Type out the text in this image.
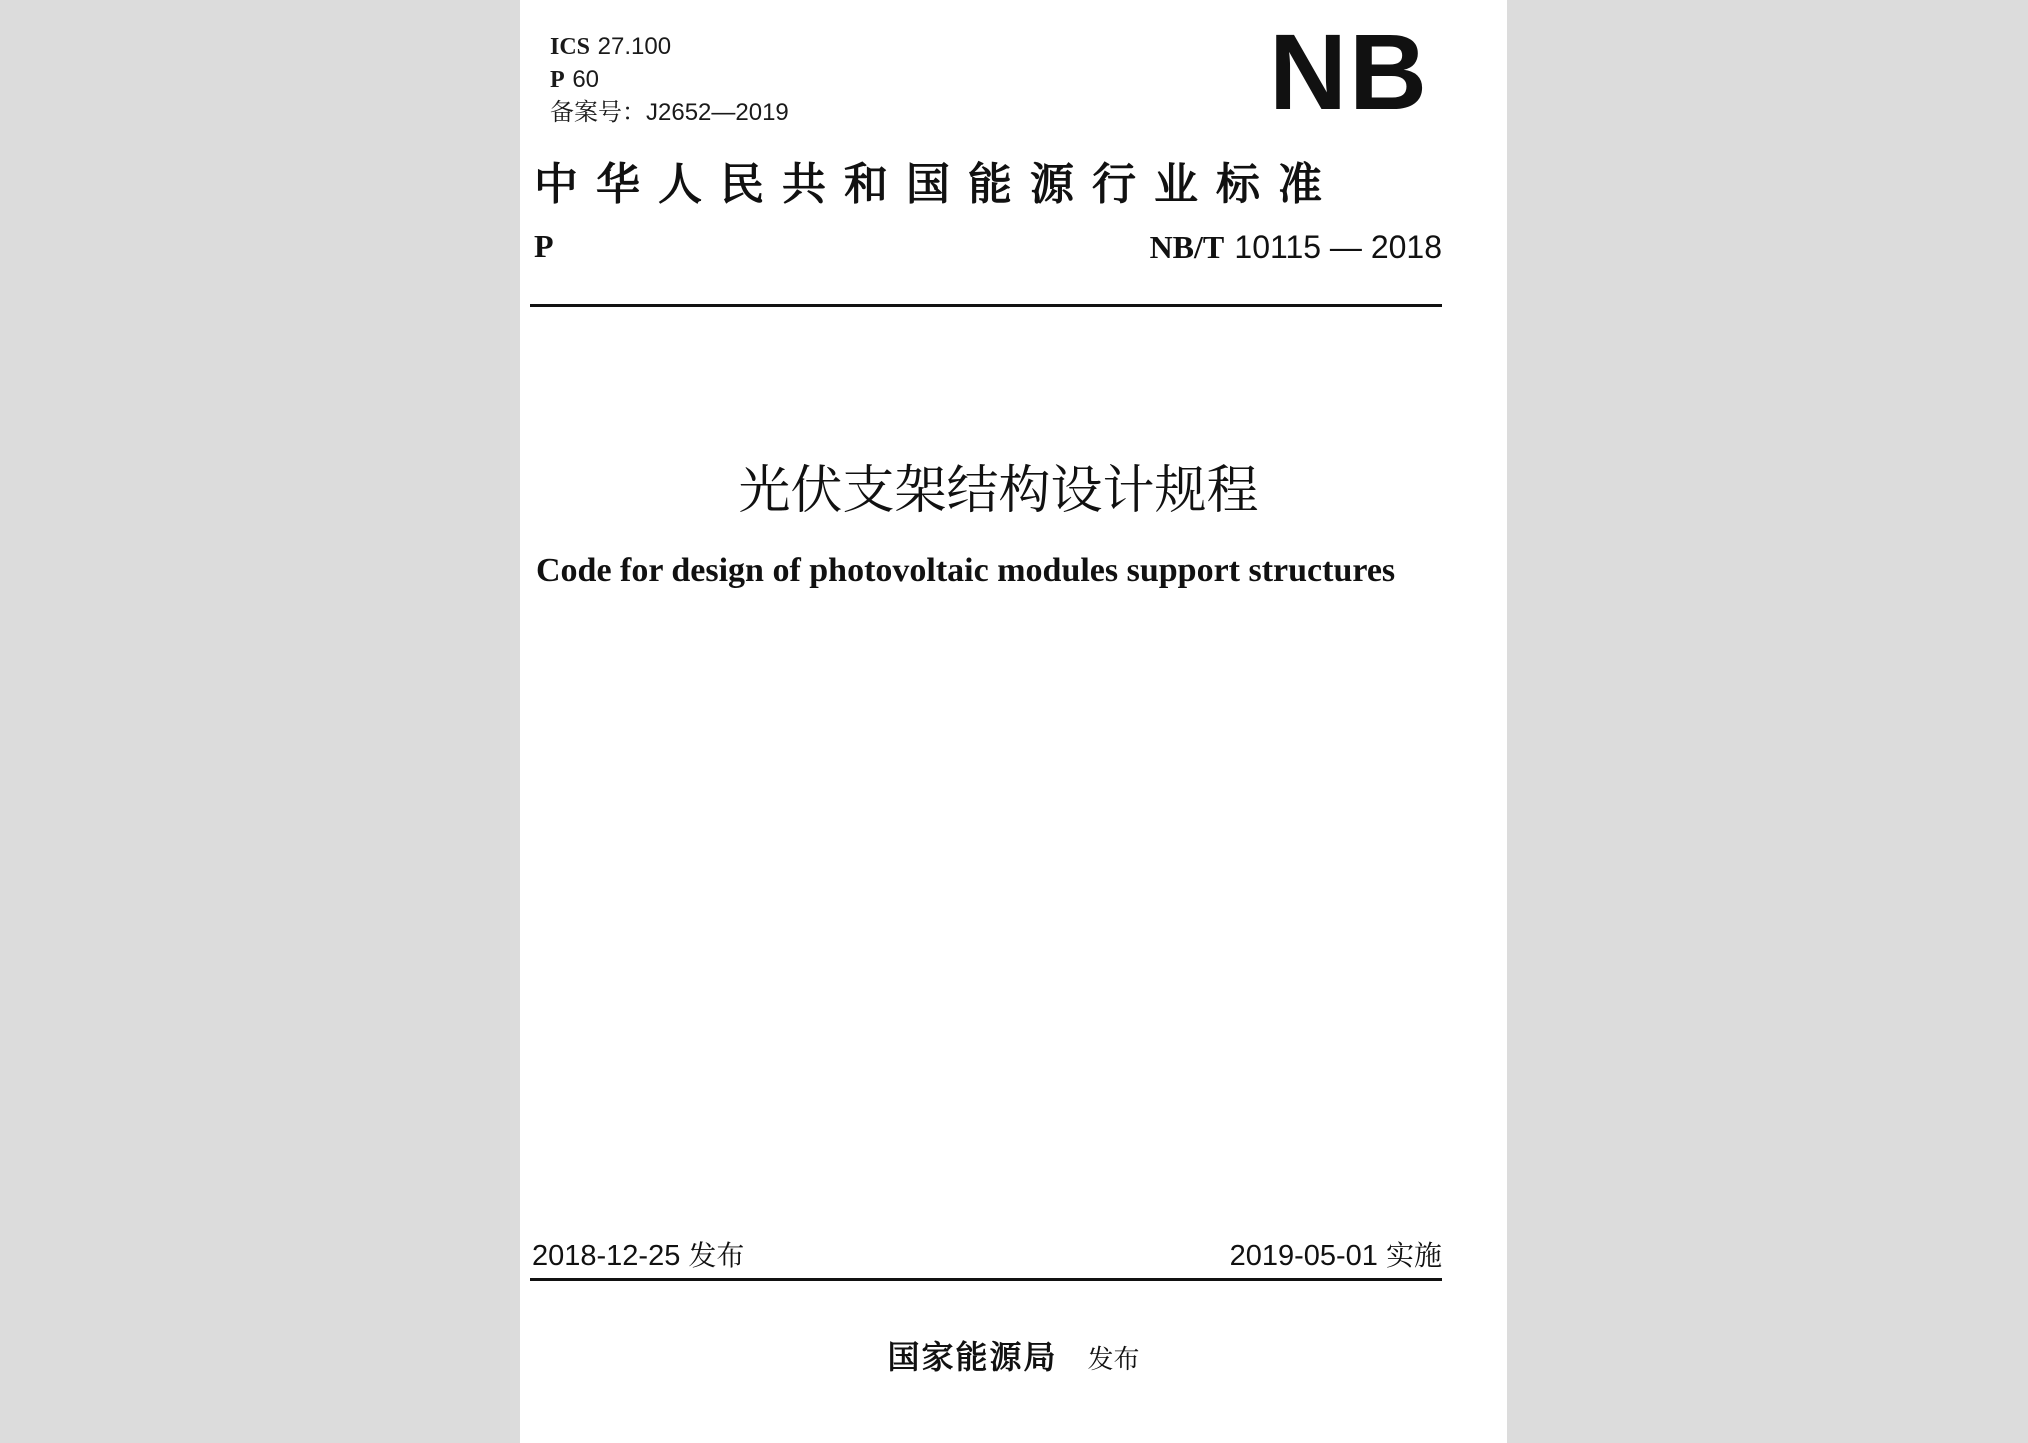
ICS 27.100
P 60
备案号：J2652—2019	NB
中华人民共和国能源行业标准
P	NB/T 10115 — 2018
光伏支架结构设计规程
Code for design of photovoltaic modules support structures
2018-12-25 发布	2019-05-01 实施
国家能源局 发布
